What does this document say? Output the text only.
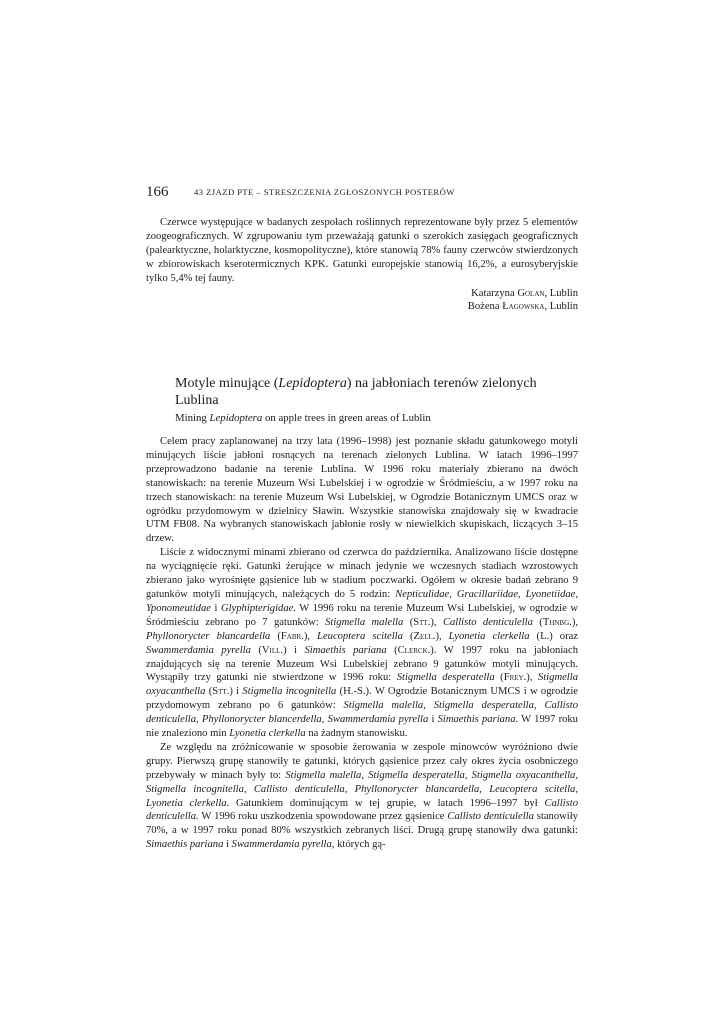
166	43 ZJAZD PTE – STRESZCZENIA ZGŁOSZONYCH POSTERÓW

Czerwce występujące w badanych zespołach roślinnych reprezentowane były przez 5 elementów zoogeograficznych. W zgrupowaniu tym przeważają gatunki o szerokich zasięgach geograficznych (palearktyczne, holarktyczne, kosmopolityczne), które stanowią 78% fauny czerwców stwierdzonych w zbiorowiskach kserotermicznych KPK. Gatunki europejskie stanowią 16,2%, a eurosyberyjskie tylko 5,4% tej fauny.

Katarzyna Golan, Lublin

Bożena Łagowska, Lublin

Motyle minujące (Lepidoptera) na jabłoniach terenów zielonych Lublina

Mining Lepidoptera on apple trees in green areas of Lublin

Celem pracy zaplanowanej na trzy lata (1996–1998) jest poznanie składu gatunkowego motyli minujących liście jabłoni rosnących na terenach zielonych Lublina. W latach 1996–1997 przeprowadzono badanie na terenie Lublina. W 1996 roku materiały zbierano na dwóch stanowiskach: na terenie Muzeum Wsi Lubelskiej i w ogrodzie w Śródmieściu, a w 1997 roku na trzech stanowiskach: na terenie Muzeum Wsi Lubelskiej, w Ogrodzie Botanicznym UMCS oraz w ogródku przydomowym w dzielnicy Sławin. Wszystkie stanowiska znajdowały się w kwadracie UTM FB08. Na wybranych stanowiskach jabłonie rosły w niewielkich skupiskach, liczących 3–15 drzew.

Liście z widocznymi minami zbierano od czerwca do października. Analizowano liście dostępne na wyciągnięcie ręki. Gatunki żerujące w minach jedynie we wczesnych stadiach wzrostowych zbierano jako wyrośnięte gąsienice lub w stadium poczwarki. Ogółem w okresie badań zebrano 9 gatunków motyli minujących, należących do 5 rodzin: Nepticulidae, Gracillariidae, Lyonetiidae, Yponomeutidae i Glyphipterigidae. W 1996 roku na terenie Muzeum Wsi Lubelskiej, w ogrodzie w Śródmieściu zebrano po 7 gatunków: Stigmella malella (Stt.), Callisto denticulella (Thnbg.), Phyllonorycter blancardella (Fabr.), Leucoptera scitella (Zell.), Lyonetia clerkella (L.) oraz Swammerdamia pyrella (Vill.) i Simaethis pariana (Clerck.). W 1997 roku na jabłoniach znajdujących się na terenie Muzeum Wsi Lubelskiej zebrano 9 gatunków motyli minujących. Wystąpiły trzy gatunki nie stwierdzone w 1996 roku: Stigmella desperatella (Frey.), Stigmella oxyacanthella (Stt.) i Stigmella incognitella (H.-S.). W Ogrodzie Botanicznym UMCS i w ogrodzie przydomowym zebrano po 6 gatunków: Stigmella malella, Stigmella desperatella, Callisto denticulella, Phyllonorycter blancerdella, Swammerdamia pyrella i Simaethis pariana. W 1997 roku nie znaleziono min Lyonetia clerkella na żadnym stanowisku.

Ze względu na zróżnicowanie w sposobie żerowania w zespole minowców wyróżniono dwie grupy. Pierwszą grupę stanowiły te gatunki, których gąsienice przez cały okres życia osobniczego przebywały w minach były to: Stigmella malella, Stigmella desperatella, Stigmella oxyacanthella, Stigmella incognitella, Callisto denticulella, Phyllonorycter blancardella, Leucoptera scitella, Lyonetia clerkella. Gatunkiem dominującym w tej grupie, w latach 1996–1997 był Callisto denticulella. W 1996 roku uszkodzenia spowodowane przez gąsienice Callisto denticulella stanowiły 70%, a w 1997 roku ponad 80% wszystkich zebranych liści. Drugą grupę stanowiły dwa gatunki: Simaethis pariana i Swammerdamia pyrella, których gą-
